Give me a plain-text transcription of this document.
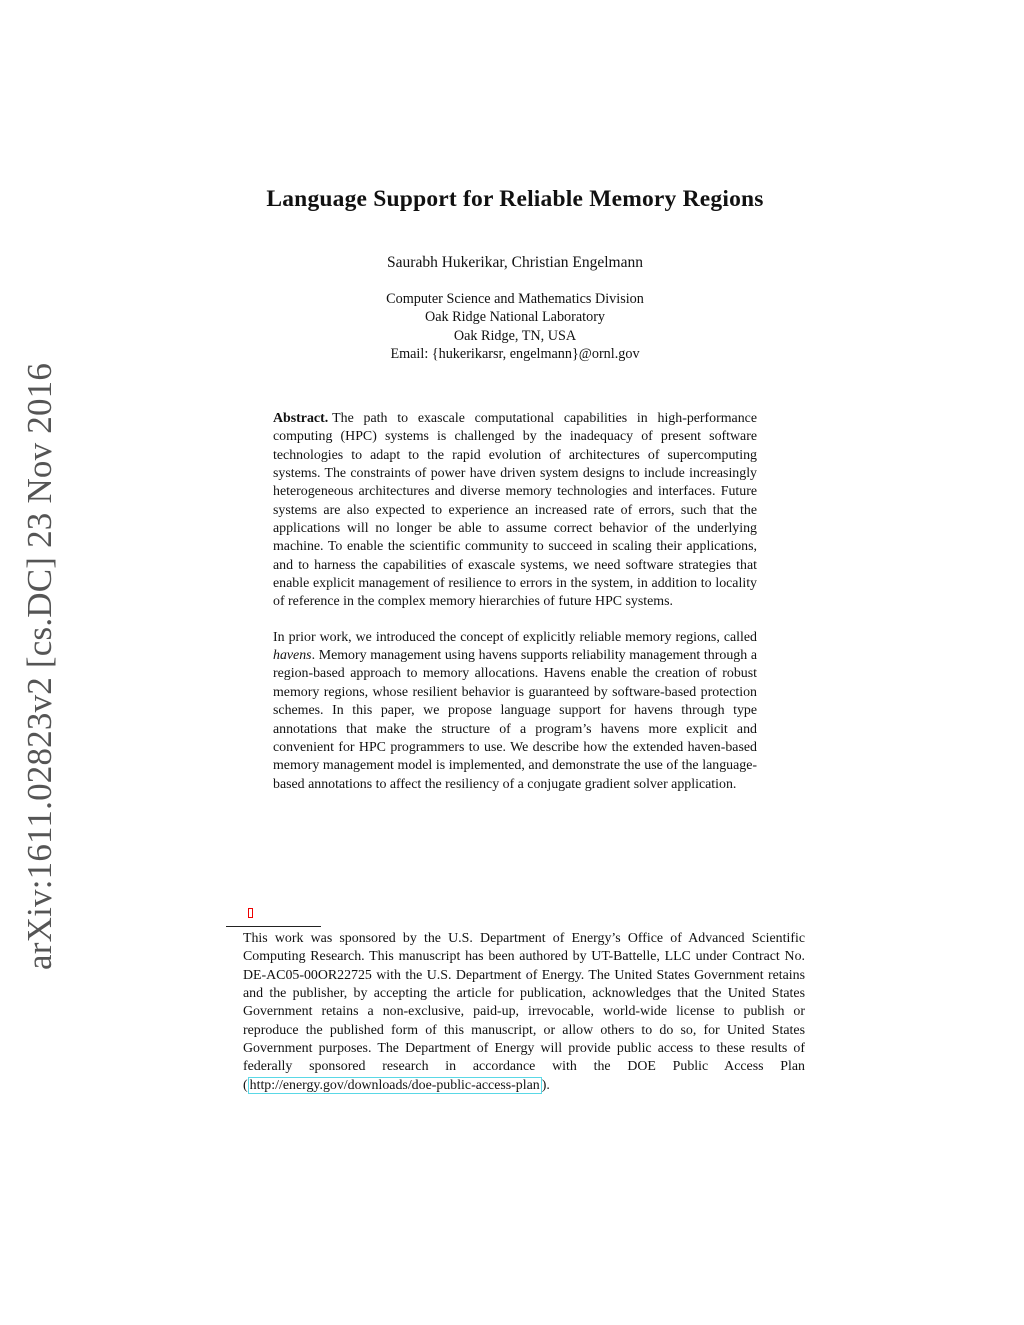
arXiv:1611.02823v2 [cs.DC] 23 Nov 2016
Language Support for Reliable Memory Regions
Saurabh Hukerikar, Christian Engelmann
Computer Science and Mathematics Division
Oak Ridge National Laboratory
Oak Ridge, TN, USA
Email: {hukerikarsr, engelmann}@ornl.gov

Abstract. The path to exascale computational capabilities in high-performance computing (HPC) systems is challenged by the inadequacy of present software technologies to adapt to the rapid evolution of architectures of supercomputing systems. The constraints of power have driven system designs to include increasingly heterogeneous architectures and diverse memory technologies and interfaces. Future systems are also expected to experience an increased rate of errors, such that the applications will no longer be able to assume correct behavior of the underlying machine. To enable the scientific community to succeed in scaling their applications, and to harness the capabilities of exascale systems, we need software strategies that enable explicit management of resilience to errors in the system, in addition to locality of reference in the complex memory hierarchies of future HPC systems.

In prior work, we introduced the concept of explicitly reliable memory regions, called havens. Memory management using havens supports reliability management through a region-based approach to memory allocations. Havens enable the creation of robust memory regions, whose resilient behavior is guaranteed by software-based protection schemes. In this paper, we propose language support for havens through type annotations that make the structure of a program’s havens more explicit and convenient for HPC programmers to use. We describe how the extended haven-based memory management model is implemented, and demonstrate the use of the language-based annotations to affect the resiliency of a conjugate gradient solver application.

This work was sponsored by the U.S. Department of Energy’s Office of Advanced Scientific Computing Research. This manuscript has been authored by UT-Battelle, LLC under Contract No. DE-AC05-00OR22725 with the U.S. Department of Energy. The United States Government retains and the publisher, by accepting the article for publication, acknowledges that the United States Government retains a non-exclusive, paid-up, irrevocable, world-wide license to publish or reproduce the published form of this manuscript, or allow others to do so, for United States Government purposes. The Department of Energy will provide public access to these results of federally sponsored research in accordance with the DOE Public Access Plan ( http://energy.gov/downloads/doe-public-access-plan ).
